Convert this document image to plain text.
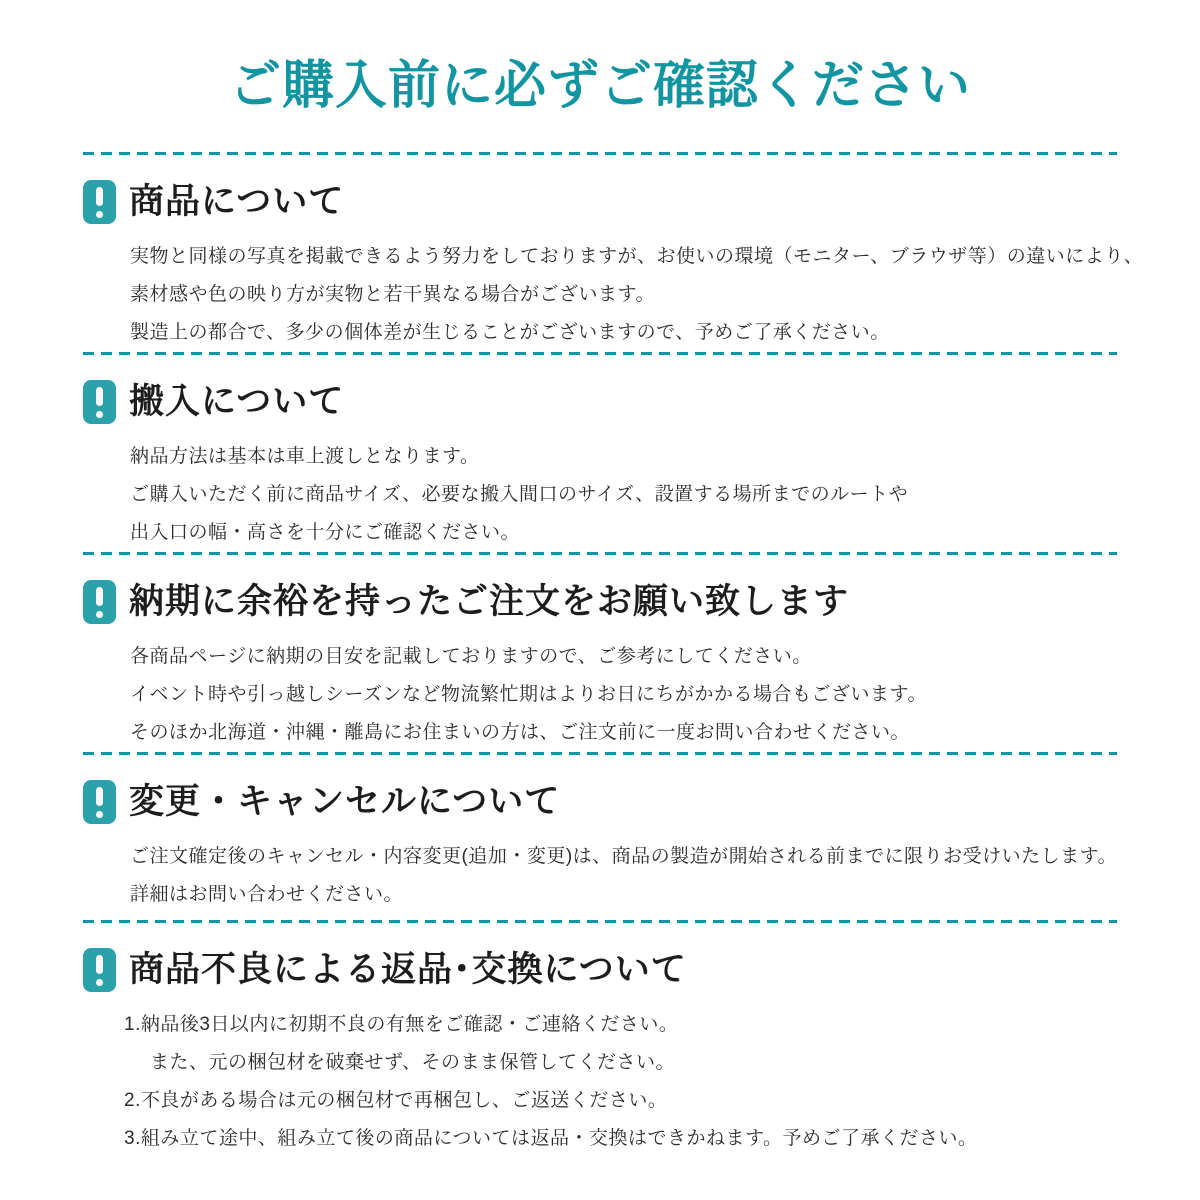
ご購入前に必ずご確認ください
商品について

実物と同様の写真を掲載できるよう努力をしておりますが、お使いの環境（モニター、ブラウザ等）の違いにより、

素材感や色の映り方が実物と若干異なる場合がございます。

製造上の都合で、多少の個体差が生じることがございますので、予めご了承ください。

搬入について

納品方法は基本は車上渡しとなります。

ご購入いただく前に商品サイズ、必要な搬入間口のサイズ、設置する場所までのルートや

出入口の幅・高さを十分にご確認ください。

納期に余裕を持ったご注文をお願い致します

各商品ページに納期の目安を記載しておりますので、ご参考にしてください。

イベント時や引っ越しシーズンなど物流繁忙期はよりお日にちがかかる場合もございます。

そのほか北海道・沖縄・離島にお住まいの方は、ご注文前に一度お問い合わせください。

変更・キャンセルについて

ご注文確定後のキャンセル・内容変更(追加・変更)は、商品の製造が開始される前までに限りお受けいたします。

詳細はお問い合わせください。

商品不良による返品･交換について

1.納品後3日以内に初期不良の有無をご確認・ご連絡ください。

また、元の梱包材を破棄せず、そのまま保管してください。

2.不良がある場合は元の梱包材で再梱包し、ご返送ください。

3.組み立て途中、組み立て後の商品については返品・交換はできかねます。予めご了承ください。
